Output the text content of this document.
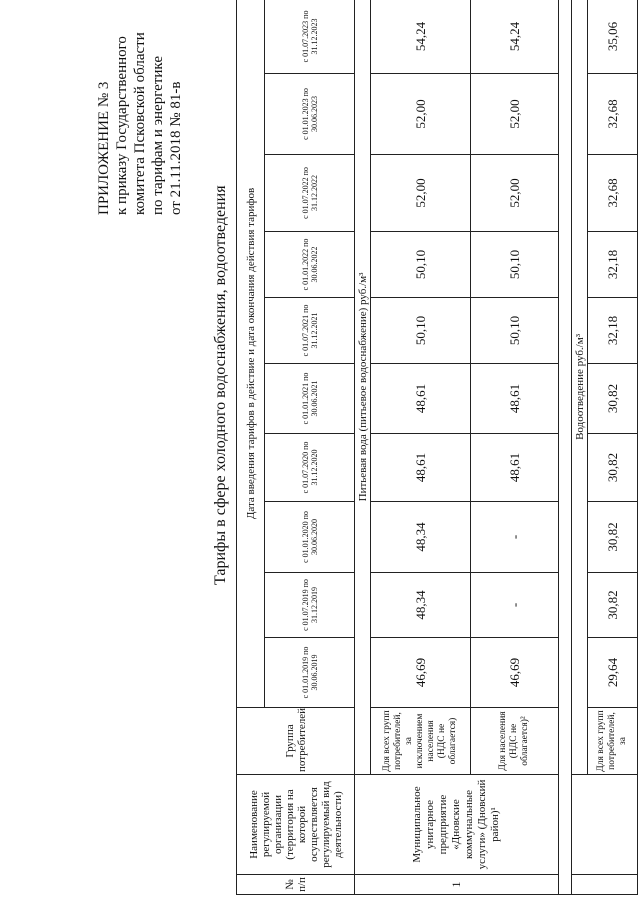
ПРИЛОЖЕНИЕ № 3 к приказу Государственного комитета Псковской области по тарифам и энергетике от 21.11.2018 № 81-в
Тарифы в сфере холодного водоснабжения, водоотведения
№ п/п	Наименование регулируемой организации (территория на которой осуществляется регулируемый вид деятельности)	Группа потребителей	Дата введения тарифов в действие и дата окончания действия тарифов									
			с 01.01.2019 по 30.06.2019	с 01.07.2019 по 31.12.2019	с 01.01.2020 по 30.06.2020	с 01.07.2020 по 31.12.2020	с 01.01.2021 по 30.06.2021	с 01.07.2021 по 31.12.2021	с 01.01.2022 по 30.06.2022	с 01.07.2022 по 31.12.2022	с 01.01.2023 по 30.06.2023	с 01.07.2023 по 31.12.2023
1	Муниципальное унитарное предприятие «Дновские коммунальные услуги» (Дновский район)¹	Питьевая вода (питьевое водоснабжение) руб./м³										
		Для всех групп потребителей, за исключением населения (НДС не облагается)	46,69	48,34	48,34	48,61	48,61	50,10	50,10	52,00	52,00	54,24
		Для населения (НДС не облагается)²	46,69	-	-	48,61	48,61	50,10	50,10	52,00	52,00	54,24

		Водоотведение руб./м³										
		Для всех групп потребителей, за	29,64	30,82	30,82	30,82	30,82	32,18	32,18	32,68	32,68	35,06
